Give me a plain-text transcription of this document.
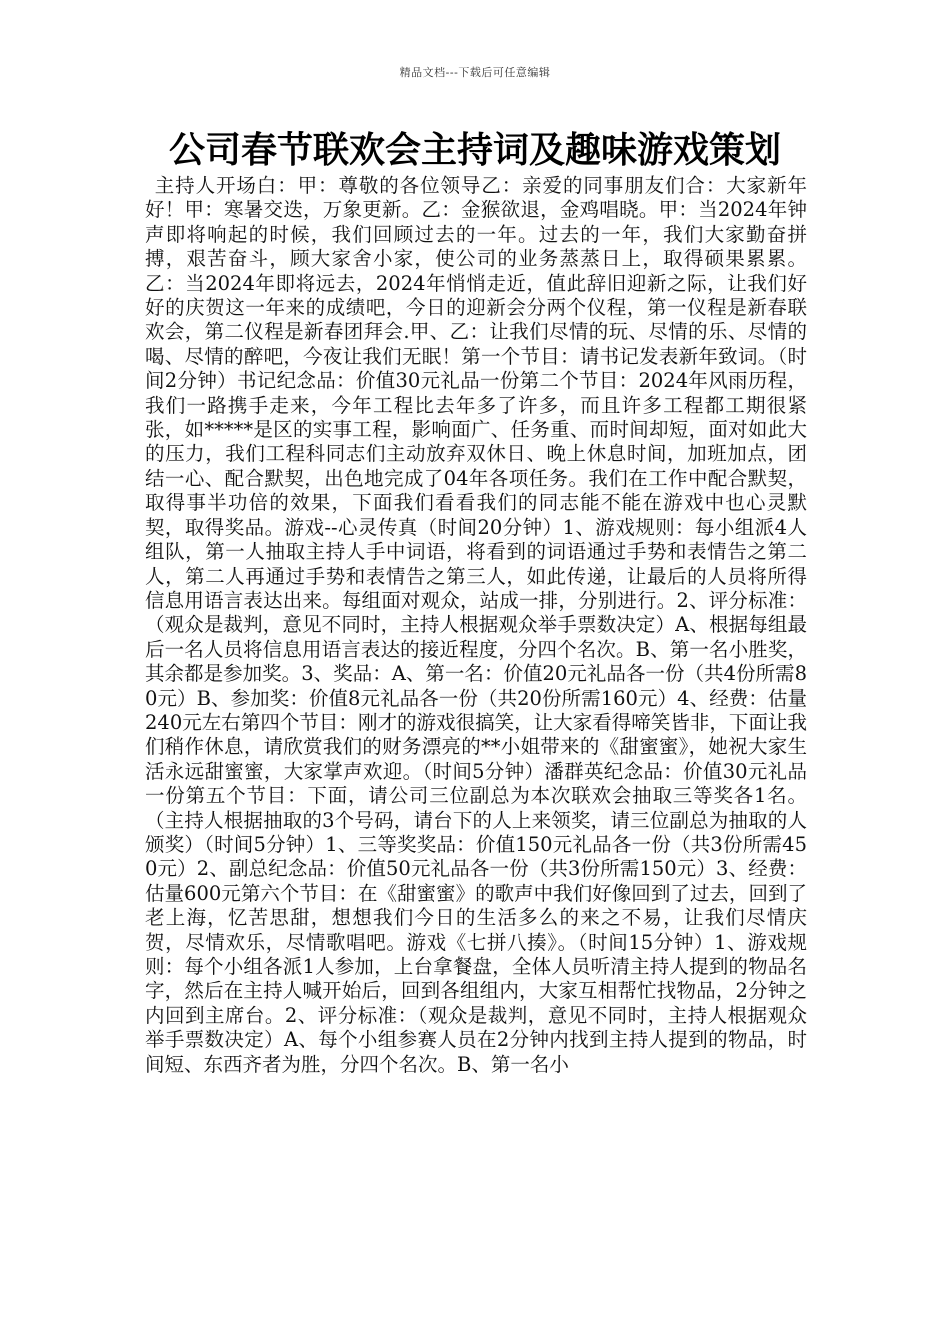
精品文档---下载后可任意编辑
公司春节联欢会主持词及趣味游戏策划

主持人开场白：甲：尊敬的各位领导乙：亲爱的同事朋友们合：大家新年好！甲：寒暑交迭，万象更新。乙：金猴欲退，金鸡唱晓。甲：当2024年钟声即将响起的时候，我们回顾过去的一年。过去的一年，我们大家勤奋拼搏，艰苦奋斗，顾大家舍小家，使公司的业务蒸蒸日上，取得硕果累累。乙：当2024年即将远去，2024年悄悄走近，值此辞旧迎新之际，让我们好好的庆贺这一年来的成绩吧，今日的迎新会分两个仪程，第一仪程是新春联欢会，第二仪程是新春团拜会.甲、乙：让我们尽情的玩、尽情的乐、尽情的喝、尽情的醉吧，今夜让我们无眠！第一个节目：请书记发表新年致词。（时间2分钟）书记纪念品：价值30元礼品一份第二个节目：2024年风雨历程，我们一路携手走来，今年工程比去年多了许多，而且许多工程都工期很紧张，如*****是区的实事工程，影响面广、任务重、而时间却短，面对如此大的压力，我们工程科同志们主动放弃双休日、晚上休息时间，加班加点，团结一心、配合默契，出色地完成了04年各项任务。我们在工作中配合默契，取得事半功倍的效果，下面我们看看我们的同志能不能在游戏中也心灵默契，取得奖品。游戏--心灵传真（时间20分钟）1、游戏规则：每小组派4人组队，第一人抽取主持人手中词语，将看到的词语通过手势和表情告之第二人，第二人再通过手势和表情告之第三人，如此传递，让最后的人员将所得信息用语言表达出来。每组面对观众，站成一排，分别进行。2、评分标准：（观众是裁判，意见不同时，主持人根据观众举手票数决定）A、根据每组最后一名人员将信息用语言表达的接近程度，分四个名次。B、第一名小胜奖，其余都是参加奖。3、奖品：A、第一名：价值20元礼品各一份（共4份所需80元）B、参加奖：价值8元礼品各一份（共20份所需160元）4、经费：估量240元左右第四个节目：刚才的游戏很搞笑，让大家看得啼笑皆非，下面让我们稍作休息，请欣赏我们的财务漂亮的**小姐带来的《甜蜜蜜》，她祝大家生活永远甜蜜蜜，大家掌声欢迎。（时间5分钟）潘群英纪念品：价值30元礼品一份第五个节目：下面，请公司三位副总为本次联欢会抽取三等奖各1名。（主持人根据抽取的3个号码，请台下的人上来领奖，请三位副总为抽取的人颁奖）（时间5分钟）1、三等奖奖品：价值150元礼品各一份（共3份所需450元）2、副总纪念品：价值50元礼品各一份（共3份所需150元）3、经费：估量600元第六个节目：在《甜蜜蜜》的歌声中我们好像回到了过去，回到了老上海，忆苦思甜，想想我们今日的生活多么的来之不易，让我们尽情庆贺，尽情欢乐，尽情歌唱吧。游戏《七拼八揍》。（时间15分钟）1、游戏规则：每个小组各派1人参加，上台拿餐盘，全体人员听清主持人提到的物品名字，然后在主持人喊开始后，回到各组组内，大家互相帮忙找物品，2分钟之内回到主席台。2、评分标准：（观众是裁判，意见不同时，主持人根据观众举手票数决定）A、每个小组参赛人员在2分钟内找到主持人提到的物品，时间短、东西齐者为胜，分四个名次。B、第一名小
